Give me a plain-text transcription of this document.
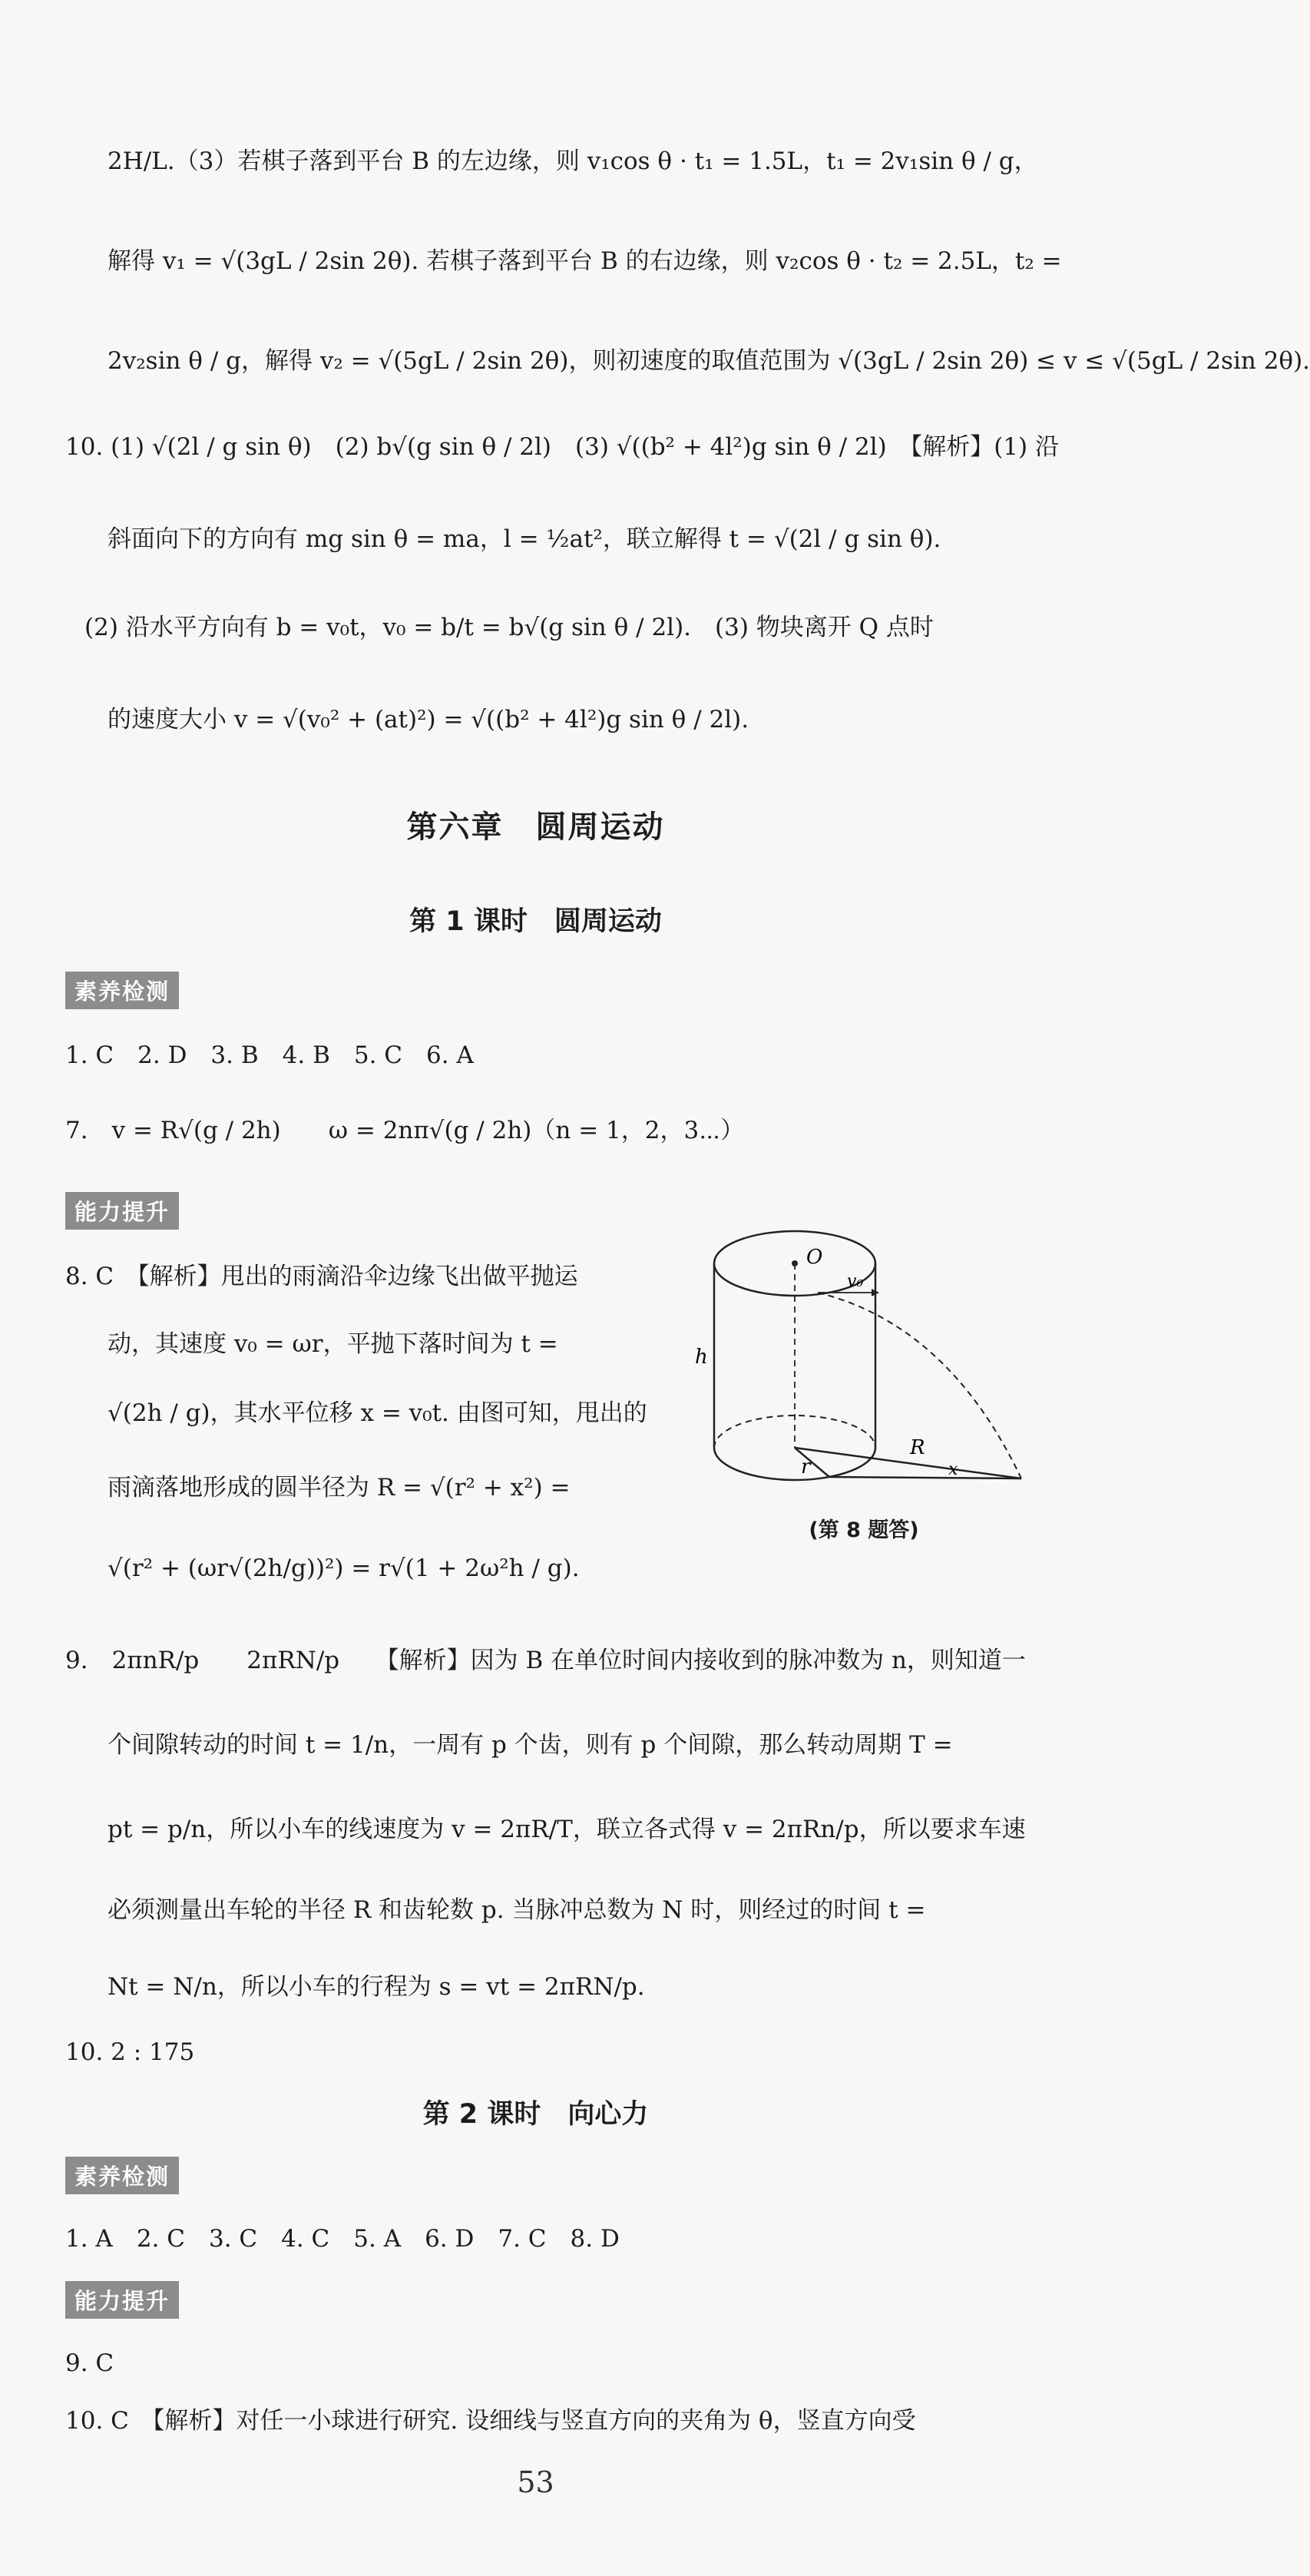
2H/L.（3）若棋子落到平台 B 的左边缘，则 v₁cos θ · t₁ = 1.5L，t₁ = 2v₁sin θ / g，
解得 v₁ = √(3gL / 2sin 2θ). 若棋子落到平台 B 的右边缘，则 v₂cos θ · t₂ = 2.5L，t₂ =
2v₂sin θ / g，解得 v₂ = √(5gL / 2sin 2θ)，则初速度的取值范围为 √(3gL / 2sin 2θ) ≤ v ≤ √(5gL / 2sin 2θ).
10. (1) √(2l / g sin θ)　(2) b√(g sin θ / 2l)　(3) √((b² + 4l²)g sin θ / 2l)　【解析】(1) 沿
斜面向下的方向有 mg sin θ = ma，l = ½at²，联立解得 t = √(2l / g sin θ).
(2) 沿水平方向有 b = v₀t，v₀ = b/t = b√(g sin θ / 2l).　(3) 物块离开 Q 点时
的速度大小 v = √(v₀² + (at)²) = √((b² + 4l²)g sin θ / 2l).
第六章　圆周运动
第 1 课时　圆周运动
素养检测
1. C　2. D　3. B　4. B　5. C　6. A
7.　v = R√(g / 2h)　　ω = 2nπ√(g / 2h)（n = 1，2，3⋯）
能力提升
8. C　【解析】甩出的雨滴沿伞边缘飞出做平抛运
动，其速度 v₀ = ωr，平抛下落时间为 t =
√(2h / g)，其水平位移 x = v₀t. 由图可知，甩出的
雨滴落地形成的圆半径为 R = √(r² + x²) =
√(r² + (ωr√(2h/g))²) = r√(1 + 2ω²h / g).
O
v₀
h
r
R
x
(第 8 题答)
9.　2πnR/p　　2πRN/p　　【解析】因为 B 在单位时间内接收到的脉冲数为 n，则知道一
个间隙转动的时间 t = 1/n，一周有 p 个齿，则有 p 个间隙，那么转动周期 T =
pt = p/n，所以小车的线速度为 v = 2πR/T，联立各式得 v = 2πRn/p，所以要求车速
必须测量出车轮的半径 R 和齿轮数 p. 当脉冲总数为 N 时，则经过的时间 t =
Nt = N/n，所以小车的行程为 s = vt = 2πRN/p.
10. 2 : 175
第 2 课时　向心力
素养检测
1. A　2. C　3. C　4. C　5. A　6. D　7. C　8. D
能力提升
9. C
10. C　【解析】对任一小球进行研究. 设细线与竖直方向的夹角为 θ，竖直方向受
53
